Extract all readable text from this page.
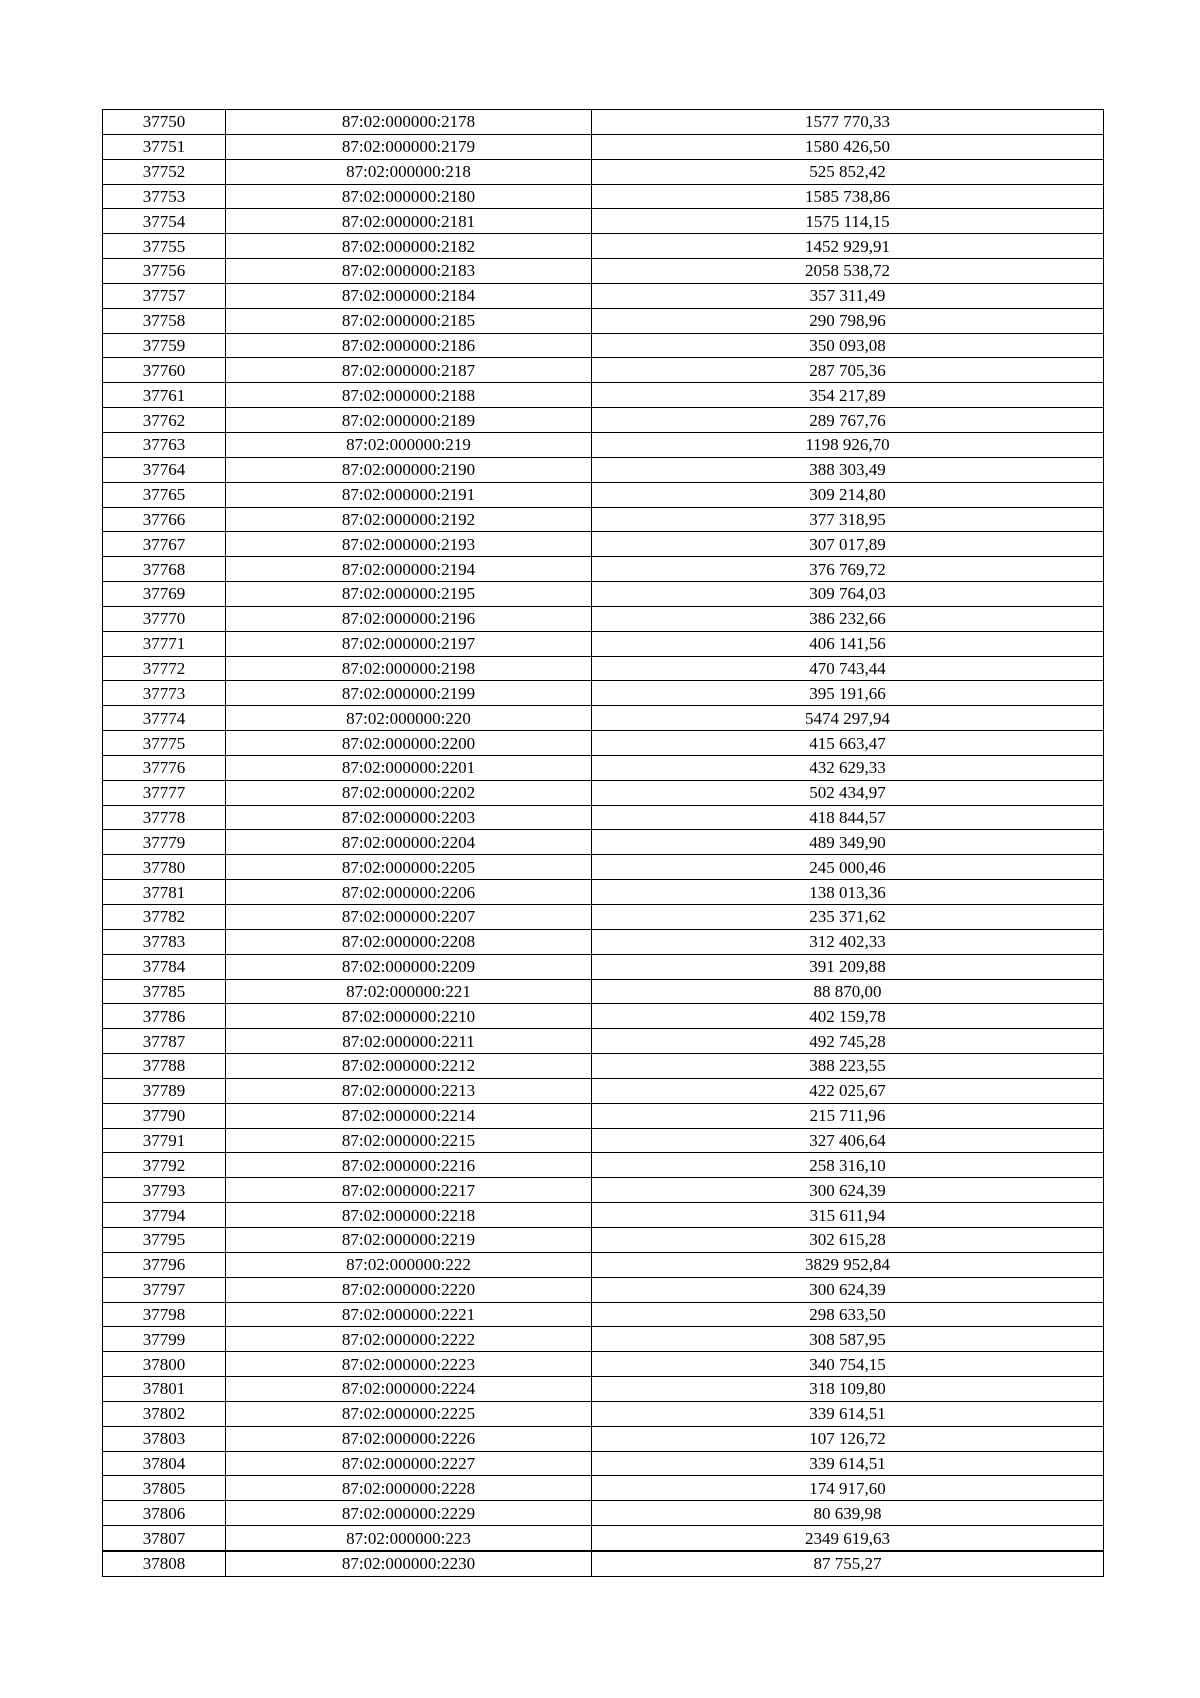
37750	87:02:000000:2178	1577 770,33
37751	87:02:000000:2179	1580 426,50
37752	87:02:000000:218	525 852,42
37753	87:02:000000:2180	1585 738,86
37754	87:02:000000:2181	1575 114,15
37755	87:02:000000:2182	1452 929,91
37756	87:02:000000:2183	2058 538,72
37757	87:02:000000:2184	357 311,49
37758	87:02:000000:2185	290 798,96
37759	87:02:000000:2186	350 093,08
37760	87:02:000000:2187	287 705,36
37761	87:02:000000:2188	354 217,89
37762	87:02:000000:2189	289 767,76
37763	87:02:000000:219	1198 926,70
37764	87:02:000000:2190	388 303,49
37765	87:02:000000:2191	309 214,80
37766	87:02:000000:2192	377 318,95
37767	87:02:000000:2193	307 017,89
37768	87:02:000000:2194	376 769,72
37769	87:02:000000:2195	309 764,03
37770	87:02:000000:2196	386 232,66
37771	87:02:000000:2197	406 141,56
37772	87:02:000000:2198	470 743,44
37773	87:02:000000:2199	395 191,66
37774	87:02:000000:220	5474 297,94
37775	87:02:000000:2200	415 663,47
37776	87:02:000000:2201	432 629,33
37777	87:02:000000:2202	502 434,97
37778	87:02:000000:2203	418 844,57
37779	87:02:000000:2204	489 349,90
37780	87:02:000000:2205	245 000,46
37781	87:02:000000:2206	138 013,36
37782	87:02:000000:2207	235 371,62
37783	87:02:000000:2208	312 402,33
37784	87:02:000000:2209	391 209,88
37785	87:02:000000:221	88 870,00
37786	87:02:000000:2210	402 159,78
37787	87:02:000000:2211	492 745,28
37788	87:02:000000:2212	388 223,55
37789	87:02:000000:2213	422 025,67
37790	87:02:000000:2214	215 711,96
37791	87:02:000000:2215	327 406,64
37792	87:02:000000:2216	258 316,10
37793	87:02:000000:2217	300 624,39
37794	87:02:000000:2218	315 611,94
37795	87:02:000000:2219	302 615,28
37796	87:02:000000:222	3829 952,84
37797	87:02:000000:2220	300 624,39
37798	87:02:000000:2221	298 633,50
37799	87:02:000000:2222	308 587,95
37800	87:02:000000:2223	340 754,15
37801	87:02:000000:2224	318 109,80
37802	87:02:000000:2225	339 614,51
37803	87:02:000000:2226	107 126,72
37804	87:02:000000:2227	339 614,51
37805	87:02:000000:2228	174 917,60
37806	87:02:000000:2229	80 639,98
37807	87:02:000000:223	2349 619,63
37808	87:02:000000:2230	87 755,27
